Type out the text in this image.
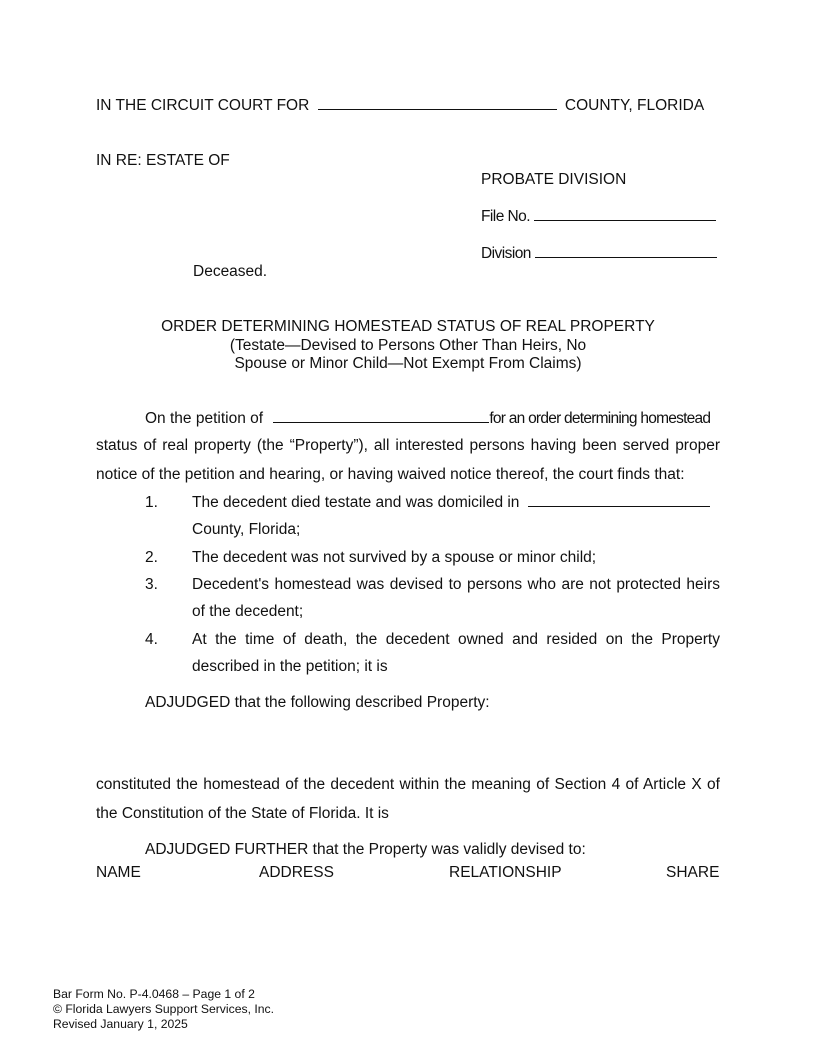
IN THE CIRCUIT COURT FOR	COUNTY, FLORIDA
IN RE: ESTATE OF
PROBATE DIVISION
File No.
Division
Deceased.
ORDER DETERMINING HOMESTEAD STATUS OF REAL PROPERTY
(Testate—Devised to Persons Other Than Heirs, No
Spouse or Minor Child—Not Exempt From Claims)
On the petition of	for an order determining homestead
status of real property (the “Property”), all interested persons having been served proper
notice of the petition and hearing, or having waived notice thereof, the court finds that:
1. The decedent died testate and was domiciled in
County, Florida;
2. The decedent was not survived by a spouse or minor child;
3. Decedent's homestead was devised to persons who are not protected heirs
of the decedent;
4. At the time of death, the decedent owned and resided on the Property
described in the petition; it is
ADJUDGED that the following described Property:
constituted the homestead of the decedent within the meaning of Section 4 of Article X of
the Constitution of the State of Florida. It is
ADJUDGED FURTHER that the Property was validly devised to:
NAME	ADDRESS	RELATIONSHIP	SHARE
Bar Form No. P-4.0468 – Page 1 of 2
© Florida Lawyers Support Services, Inc.
Revised January 1, 2025
